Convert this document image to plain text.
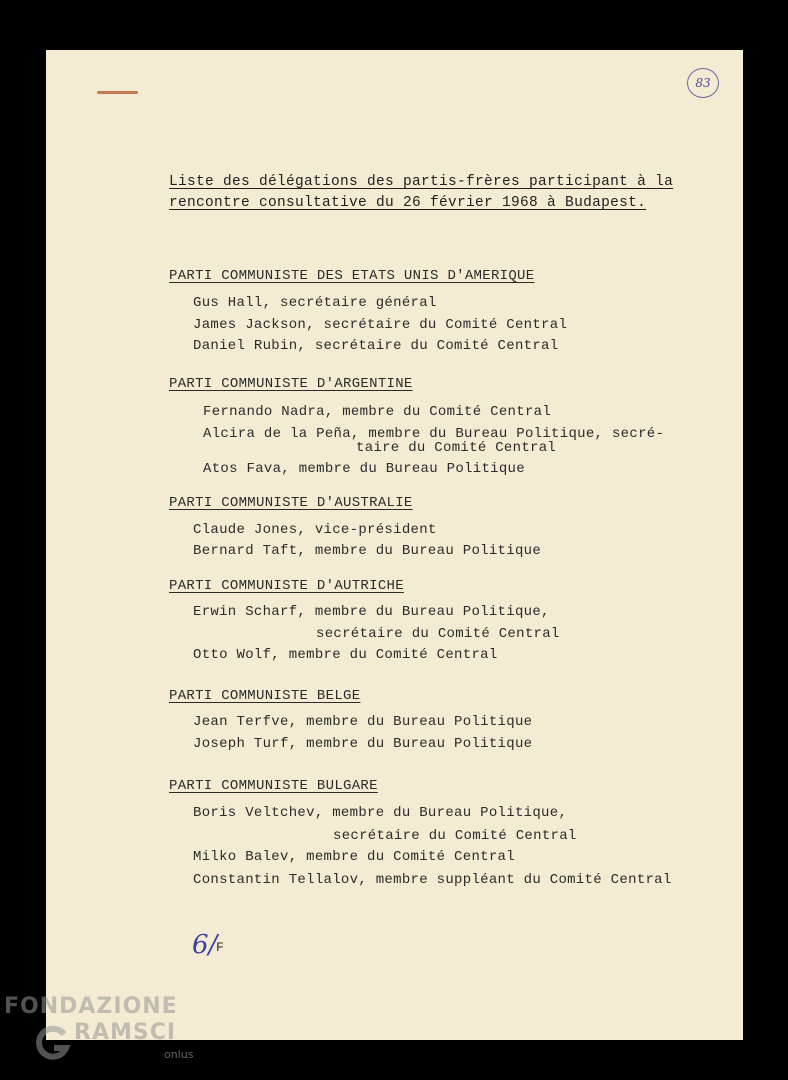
83
Liste des délégations des partis-frères participant à la
rencontre consultative du 26 février 1968 à Budapest.
PARTI COMMUNISTE DES ETATS UNIS D'AMERIQUE
Gus Hall, secrétaire général
James Jackson, secrétaire du Comité Central
Daniel Rubin, secrétaire du Comité Central
PARTI COMMUNISTE D'ARGENTINE
Fernando Nadra, membre du Comité Central
Alcira de la Peña, membre du Bureau Politique, secré-
taire du Comité Central
Atos Fava, membre du Bureau Politique
PARTI COMMUNISTE D'AUSTRALIE
Claude Jones, vice-président
Bernard Taft, membre du Bureau Politique
PARTI COMMUNISTE D'AUTRICHE
Erwin Scharf, membre du Bureau Politique,
secrétaire du Comité Central
Otto Wolf, membre du Comité Central
PARTI COMMUNISTE BELGE
Jean Terfve, membre du Bureau Politique
Joseph Turf, membre du Bureau Politique
PARTI COMMUNISTE BULGARE
Boris Veltchev, membre du Bureau Politique,
secrétaire du Comité Central
Milko Balev, membre du Comité Central
Constantin Tellalov, membre suppléant du Comité Central
6/
F
FONDAZIONE
RAMSCI
onlus
